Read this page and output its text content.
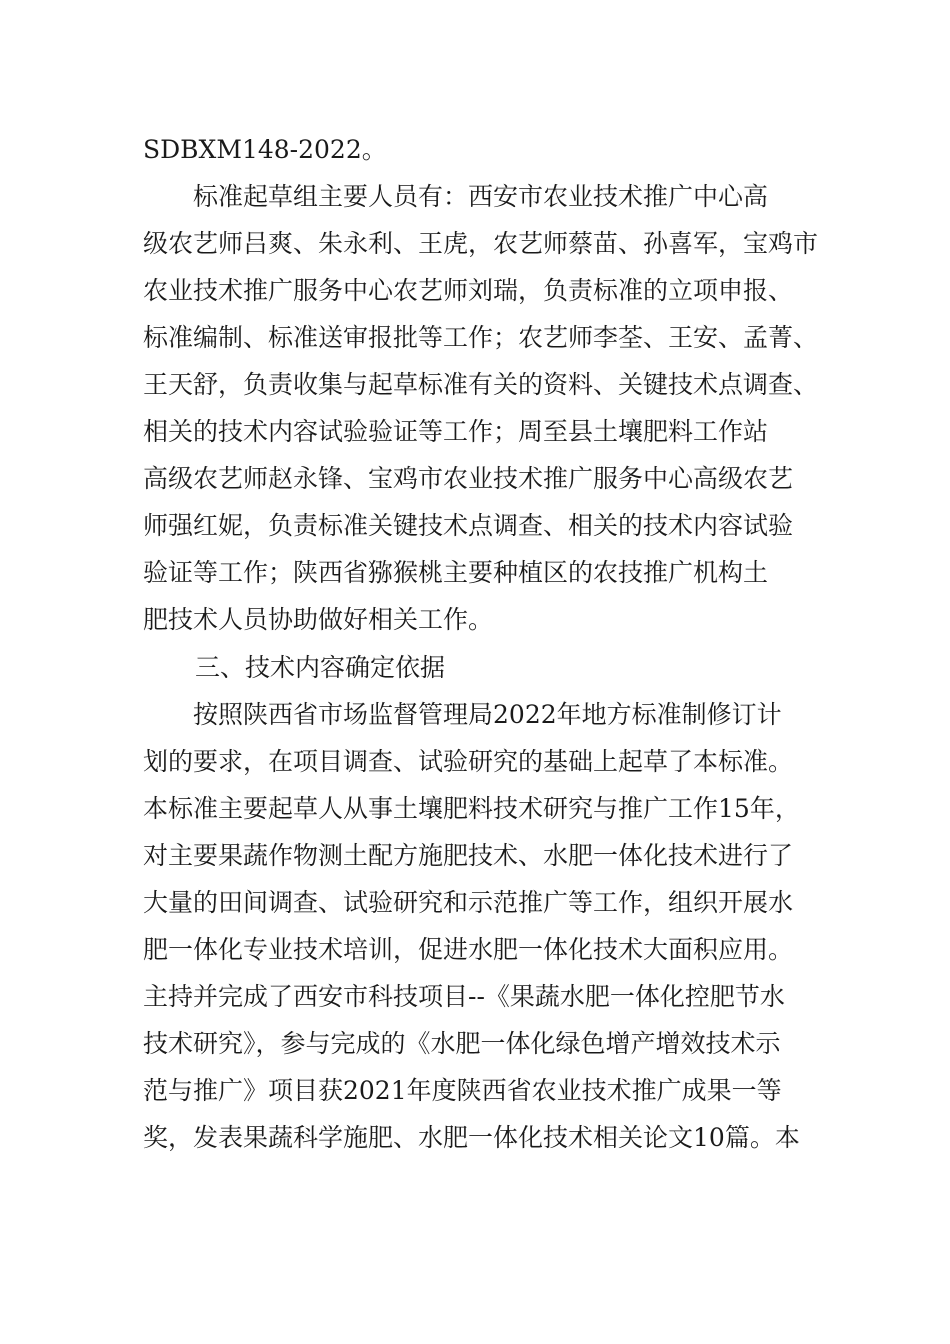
SDBXM148-2022。
　　标准起草组主要人员有：西安市农业技术推广中心高
级农艺师吕爽、朱永利、王虎，农艺师蔡苗、孙喜军，宝鸡市
农业技术推广服务中心农艺师刘瑞，负责标准的立项申报、
标准编制、标准送审报批等工作；农艺师李荃、王安、孟菁、
王天舒，负责收集与起草标准有关的资料、关键技术点调查、
相关的技术内容试验验证等工作；周至县土壤肥料工作站
高级农艺师赵永锋、宝鸡市农业技术推广服务中心高级农艺
师强红妮，负责标准关键技术点调查、相关的技术内容试验
验证等工作；陕西省猕猴桃主要种植区的农技推广机构土
肥技术人员协助做好相关工作。
三、技术内容确定依据
　　按照陕西省市场监督管理局2022年地方标准制修订计
划的要求，在项目调查、试验研究的基础上起草了本标准。
本标准主要起草人从事土壤肥料技术研究与推广工作15年，
对主要果蔬作物测土配方施肥技术、水肥一体化技术进行了
大量的田间调查、试验研究和示范推广等工作，组织开展水
肥一体化专业技术培训，促进水肥一体化技术大面积应用。
主持并完成了西安市科技项目--《果蔬水肥一体化控肥节水
技术研究》，参与完成的《水肥一体化绿色增产增效技术示
范与推广》项目获2021年度陕西省农业技术推广成果一等
奖，发表果蔬科学施肥、水肥一体化技术相关论文10篇。本
